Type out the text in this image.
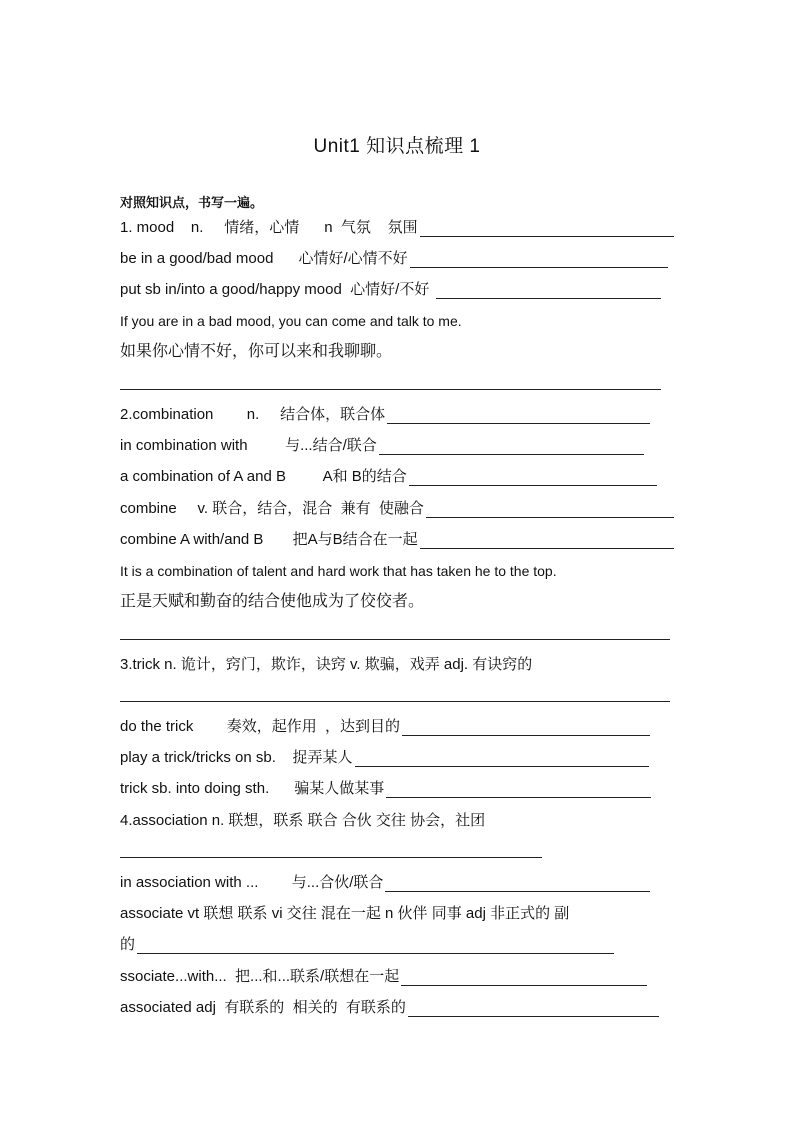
Unit1 知识点梳理 1
对照知识点，书写一遍。
1. mood    n.     情绪，心情      n  气氛    氛围
be in a good/bad mood      心情好/心情不好
put sb in/into a good/happy mood  心情好/不好
If you are in a bad mood, you can come and talk to me.
如果你心情不好，你可以来和我聊聊。
2.combination        n.     结合体，联合体
in combination with         与...结合/联合
a combination of A and B         A和 B的结合
combine     v. 联合，结合，混合  兼有  使融合
combine A with/and B       把A与B结合在一起
It is a combination of talent and hard work that has taken he to the top.
正是天赋和勤奋的结合使他成为了佼佼者。
3.trick n. 诡计，窍门，欺诈，诀窍 v. 欺骗，戏弄 adj. 有诀窍的
do the trick        奏效，起作用  ，达到目的
play a trick/tricks on sb.    捉弄某人
trick sb. into doing sth.      骗某人做某事
4.association n. 联想，联系 联合 合伙 交往 协会，社团
in association with ...        与...合伙/联合
associate vt 联想 联系 vi 交往 混在一起 n 伙伴 同事 adj 非正式的 副
的
ssociate...with...  把...和...联系/联想在一起
associated adj  有联系的  相关的  有联系的
